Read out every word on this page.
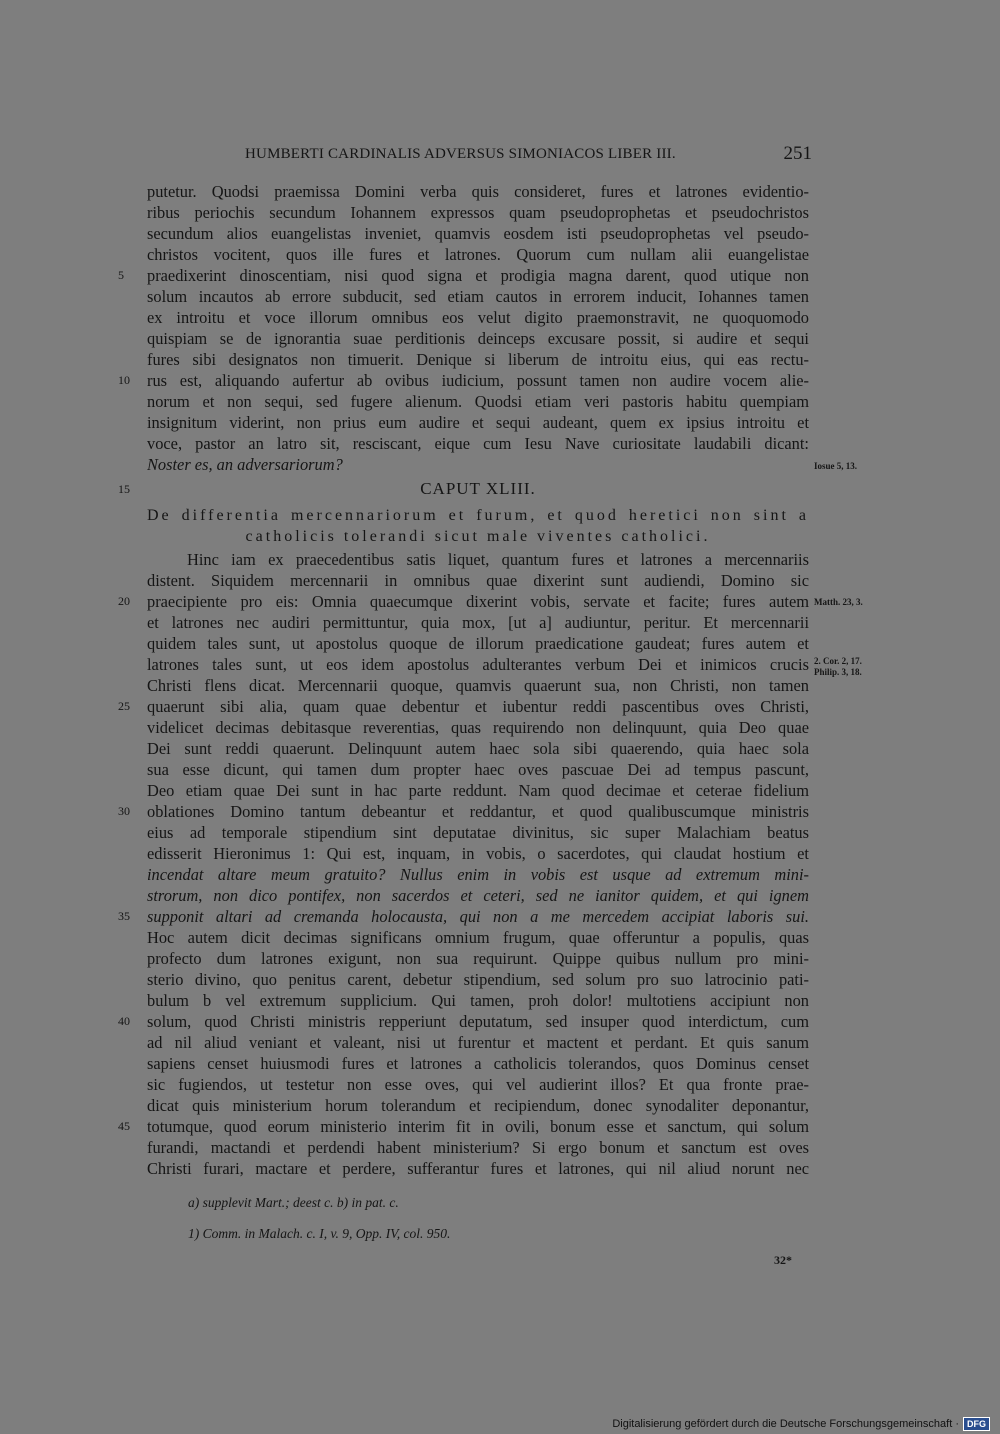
HUMBERTI CARDINALIS ADVERSUS SIMONIACOS LIBER III.	251
putetur. Quodsi praemissa Domini verba quis consideret, fures et latrones evidentio-
ribus periochis secundum Iohannem expressos quam pseudoprophetas et pseudochristos
secundum alios euangelistas inveniet, quamvis eosdem isti pseudoprophetas vel pseudo-
christos vocitent, quos ille fures et latrones. Quorum cum nullam alii euangelistae
praedixerint dinoscentiam, nisi quod signa et prodigia magna darent, quod utique non
solum incautos ab errore subducit, sed etiam cautos in errorem inducit, Iohannes tamen
ex introitu et voce illorum omnibus eos velut digito praemonstravit, ne quoquomodo
quispiam se de ignorantia suae perditionis deinceps excusare possit, si audire et sequi
fures sibi designatos non timuerit. Denique si liberum de introitu eius, qui eas rectu-
rus est, aliquando aufertur ab ovibus iudicium, possunt tamen non audire vocem alie-
norum et non sequi, sed fugere alienum. Quodsi etiam veri pastoris habitu quempiam
insignitum viderint, non prius eum audire et sequi audeant, quem ex ipsius introitu et
voce, pastor an latro sit, resciscant, eique cum Iesu Nave curiositate laudabili dicant:
Noster es, an adversariorum?
CAPUT XLIII.
De differentia mercennariorum et furum, et quod heretici non sint a
catholicis tolerandi sicut male viventes catholici.
Hinc iam ex praecedentibus satis liquet, quantum fures et latrones a mercennariis
distent. Siquidem mercennarii in omnibus quae dixerint sunt audiendi, Domino sic
praecipiente pro eis: Omnia quaecumque dixerint vobis, servate et facite; fures autem
et latrones nec audiri permittuntur, quia mox, [ut a] audiuntur, peritur. Et mercennarii
quidem tales sunt, ut apostolus quoque de illorum praedicatione gaudeat; fures autem et
latrones tales sunt, ut eos idem apostolus adulterantes verbum Dei et inimicos crucis
Christi flens dicat. Mercennarii quoque, quamvis quaerunt sua, non Christi, non tamen
quaerunt sibi alia, quam quae debentur et iubentur reddi pascentibus oves Christi,
videlicet decimas debitasque reverentias, quas requirendo non delinquunt, quia Deo quae
Dei sunt reddi quaerunt. Delinquunt autem haec sola sibi quaerendo, quia haec sola
sua esse dicunt, qui tamen dum propter haec oves pascuae Dei ad tempus pascunt,
Deo etiam quae Dei sunt in hac parte reddunt. Nam quod decimae et ceterae fidelium
oblationes Domino tantum debeantur et reddantur, et quod qualibuscumque ministris
eius ad temporale stipendium sint deputatae divinitus, sic super Malachiam beatus
edisserit Hieronimus 1: Qui est, inquam, in vobis, o sacerdotes, qui claudat hostium et
incendat altare meum gratuito? Nullus enim in vobis est usque ad extremum mini-
strorum, non dico pontifex, non sacerdos et ceteri, sed ne ianitor quidem, et qui ignem
supponit altari ad cremanda holocausta, qui non a me mercedem accipiat laboris sui.
Hoc autem dicit decimas significans omnium frugum, quae offeruntur a populis, quas
profecto dum latrones exigunt, non sua requirunt. Quippe quibus nullum pro mini-
sterio divino, quo penitus carent, debetur stipendium, sed solum pro suo latrocinio pati-
bulum b vel extremum supplicium. Qui tamen, proh dolor! multotiens accipiunt non
solum, quod Christi ministris repperiunt deputatum, sed insuper quod interdictum, cum
ad nil aliud veniant et valeant, nisi ut furentur et mactent et perdant. Et quis sanum
sapiens censet huiusmodi fures et latrones a catholicis tolerandos, quos Dominus censet
sic fugiendos, ut testetur non esse oves, qui vel audierint illos? Et qua fronte prae-
dicat quis ministerium horum tolerandum et recipiendum, donec synodaliter deponantur,
totumque, quod eorum ministerio interim fit in ovili, bonum esse et sanctum, qui solum
furandi, mactandi et perdendi habent ministerium? Si ergo bonum et sanctum est oves
Christi furari, mactare et perdere, sufferantur fures et latrones, qui nil aliud norunt nec
5
10
15
20
25
30
35
40
45
Iosue 5, 13.
Matth. 23, 3.
2. Cor. 2, 17.
Philip. 3, 18.
a) supplevit Mart.; deest c. b) in pat. c.
1) Comm. in Malach. c. I, v. 9, Opp. IV, col. 950.
32*
Digitalisierung gefördert durch die Deutsche Forschungsgemeinschaft · DFG
